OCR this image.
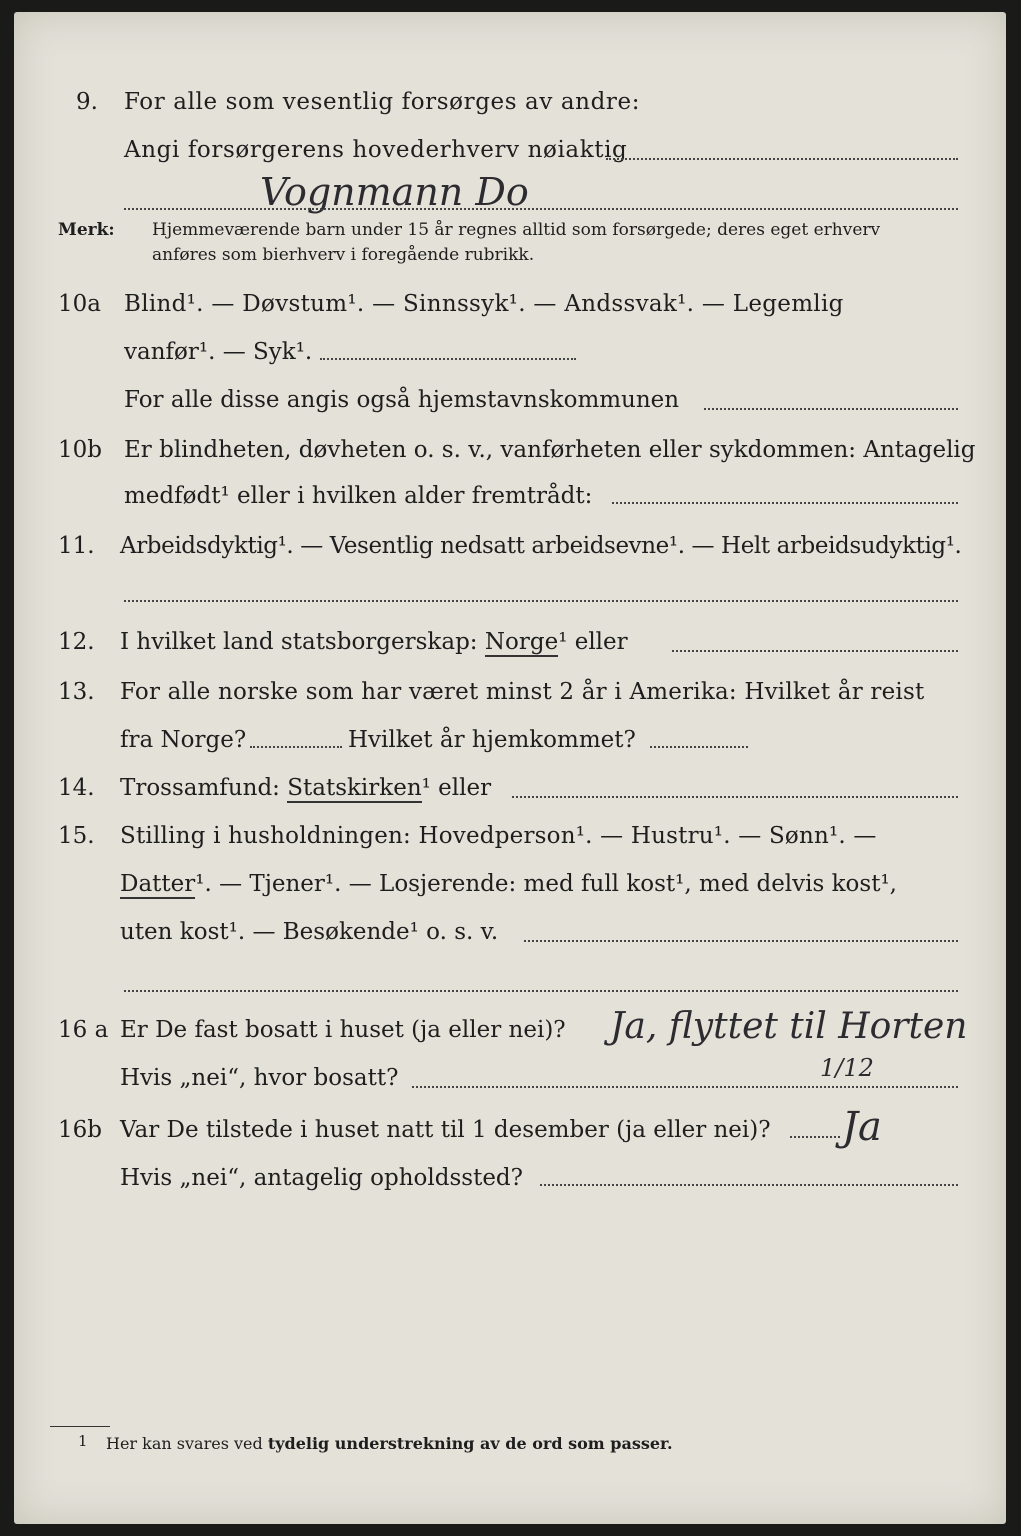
9. For alle som vesentlig forsørges av andre:
Angi forsørgerens hovederhverv nøiaktig
Vognmann Do
Merk: Hjemmeværende barn under 15 år regnes alltid som forsørgede; deres eget erhverv
anføres som bierhverv i foregående rubrikk.
10a Blind¹. — Døvstum¹. — Sinnssyk¹. — Andssvak¹. — Legemlig
vanfør¹. — Syk¹.
For alle disse angis også hjemstavnskommunen
10b Er blindheten, døvheten o. s. v., vanførheten eller sykdommen: Antagelig
medfødt¹ eller i hvilken alder fremtrådt:
11. Arbeidsdyktig¹. — Vesentlig nedsatt arbeidsevne¹. — Helt arbeidsudyktig¹.
12. I hvilket land statsborgerskap: Norge¹ eller
13. For alle norske som har været minst 2 år i Amerika: Hvilket år reist
fra Norge?	Hvilket år hjemkommet?
14. Trossamfund: Statskirken¹ eller
15. Stilling i husholdningen: Hovedperson¹. — Hustru¹. — Sønn¹. —
Datter¹. — Tjener¹. — Losjerende: med full kost¹, med delvis kost¹,
uten kost¹. — Besøkende¹ o. s. v.
16 a Er De fast bosatt i huset (ja eller nei)? Ja, flyttet til Horten
Hvis „nei“, hvor bosatt?	1/12
16b Var De tilstede i huset natt til 1 desember (ja eller nei)? Ja
Hvis „nei“, antagelig opholdssted?
1 Her kan svares ved tydelig understrekning av de ord som passer.
